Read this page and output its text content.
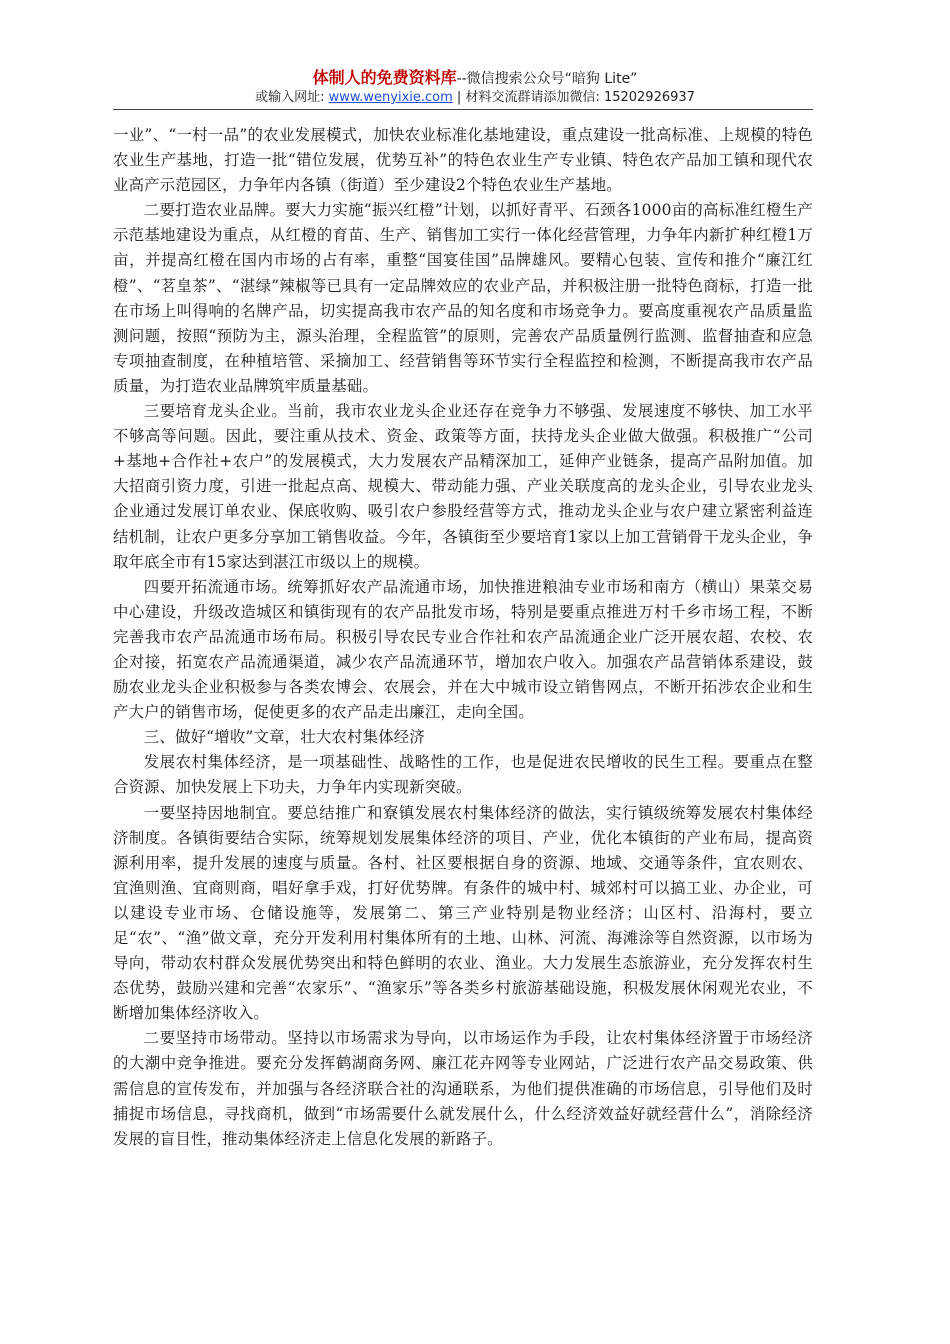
体制人的免费资料库--微信搜索公众号“暗狗 Lite”
或输入网址: www.wenyixie.com | 材料交流群请添加微信: 15202926937

一业”、“一村一品”的农业发展模式，加快农业标准化基地建设，重点建设一批高标准、上规模的特色农业生产基地，打造一批“错位发展，优势互补”的特色农业生产专业镇、特色农产品加工镇和现代农业高产示范园区，力争年内各镇（街道）至少建设2个特色农业生产基地。

二要打造农业品牌。要大力实施“振兴红橙”计划，以抓好青平、石颈各1000亩的高标准红橙生产示范基地建设为重点，从红橙的育苗、生产、销售加工实行一体化经营管理，力争年内新扩种红橙1万亩，并提高红橙在国内市场的占有率，重整“国宴佳国”品牌雄风。要精心包装、宣传和推介“廉江红橙”、“茗皇茶”、“湛绿”辣椒等已具有一定品牌效应的农业产品，并积极注册一批特色商标，打造一批在市场上叫得响的名牌产品，切实提高我市农产品的知名度和市场竞争力。要高度重视农产品质量监测问题，按照“预防为主，源头治理，全程监管”的原则，完善农产品质量例行监测、监督抽查和应急专项抽查制度，在种植培管、采摘加工、经营销售等环节实行全程监控和检测，不断提高我市农产品质量，为打造农业品牌筑牢质量基础。

三要培育龙头企业。当前，我市农业龙头企业还存在竞争力不够强、发展速度不够快、加工水平不够高等问题。因此，要注重从技术、资金、政策等方面，扶持龙头企业做大做强。积极推广“公司+基地+合作社+农户”的发展模式，大力发展农产品精深加工，延伸产业链条，提高产品附加值。加大招商引资力度，引进一批起点高、规模大、带动能力强、产业关联度高的龙头企业，引导农业龙头企业通过发展订单农业、保底收购、吸引农户参股经营等方式，推动龙头企业与农户建立紧密利益连结机制，让农户更多分享加工销售收益。今年，各镇街至少要培育1家以上加工营销骨干龙头企业，争取年底全市有15家达到湛江市级以上的规模。

四要开拓流通市场。统筹抓好农产品流通市场，加快推进粮油专业市场和南方（横山）果菜交易中心建设，升级改造城区和镇街现有的农产品批发市场，特别是要重点推进万村千乡市场工程，不断完善我市农产品流通市场布局。积极引导农民专业合作社和农产品流通企业广泛开展农超、农校、农企对接，拓宽农产品流通渠道，减少农产品流通环节，增加农户收入。加强农产品营销体系建设，鼓励农业龙头企业积极参与各类农博会、农展会，并在大中城市设立销售网点，不断开拓涉农企业和生产大户的销售市场，促使更多的农产品走出廉江，走向全国。

三、做好“增收”文章，壮大农村集体经济

发展农村集体经济，是一项基础性、战略性的工作，也是促进农民增收的民生工程。要重点在整合资源、加快发展上下功夫，力争年内实现新突破。

一要坚持因地制宜。要总结推广和寮镇发展农村集体经济的做法，实行镇级统筹发展农村集体经济制度。各镇街要结合实际，统筹规划发展集体经济的项目、产业，优化本镇街的产业布局，提高资源利用率，提升发展的速度与质量。各村、社区要根据自身的资源、地域、交通等条件，宜农则农、宜渔则渔、宜商则商，唱好拿手戏，打好优势牌。有条件的城中村、城郊村可以搞工业、办企业，可以建设专业市场、仓储设施等，发展第二、第三产业特别是物业经济；山区村、沿海村，要立足“农”、“渔”做文章，充分开发利用村集体所有的土地、山林、河流、海滩涂等自然资源，以市场为导向，带动农村群众发展优势突出和特色鲜明的农业、渔业。大力发展生态旅游业，充分发挥农村生态优势，鼓励兴建和完善“农家乐”、“渔家乐”等各类乡村旅游基础设施，积极发展休闲观光农业，不断增加集体经济收入。

二要坚持市场带动。坚持以市场需求为导向，以市场运作为手段，让农村集体经济置于市场经济的大潮中竞争推进。要充分发挥鹤湖商务网、廉江花卉网等专业网站，广泛进行农产品交易政策、供需信息的宣传发布，并加强与各经济联合社的沟通联系，为他们提供准确的市场信息，引导他们及时捕捉市场信息，寻找商机，做到“市场需要什么就发展什么，什么经济效益好就经营什么”，消除经济发展的盲目性，推动集体经济走上信息化发展的新路子。
